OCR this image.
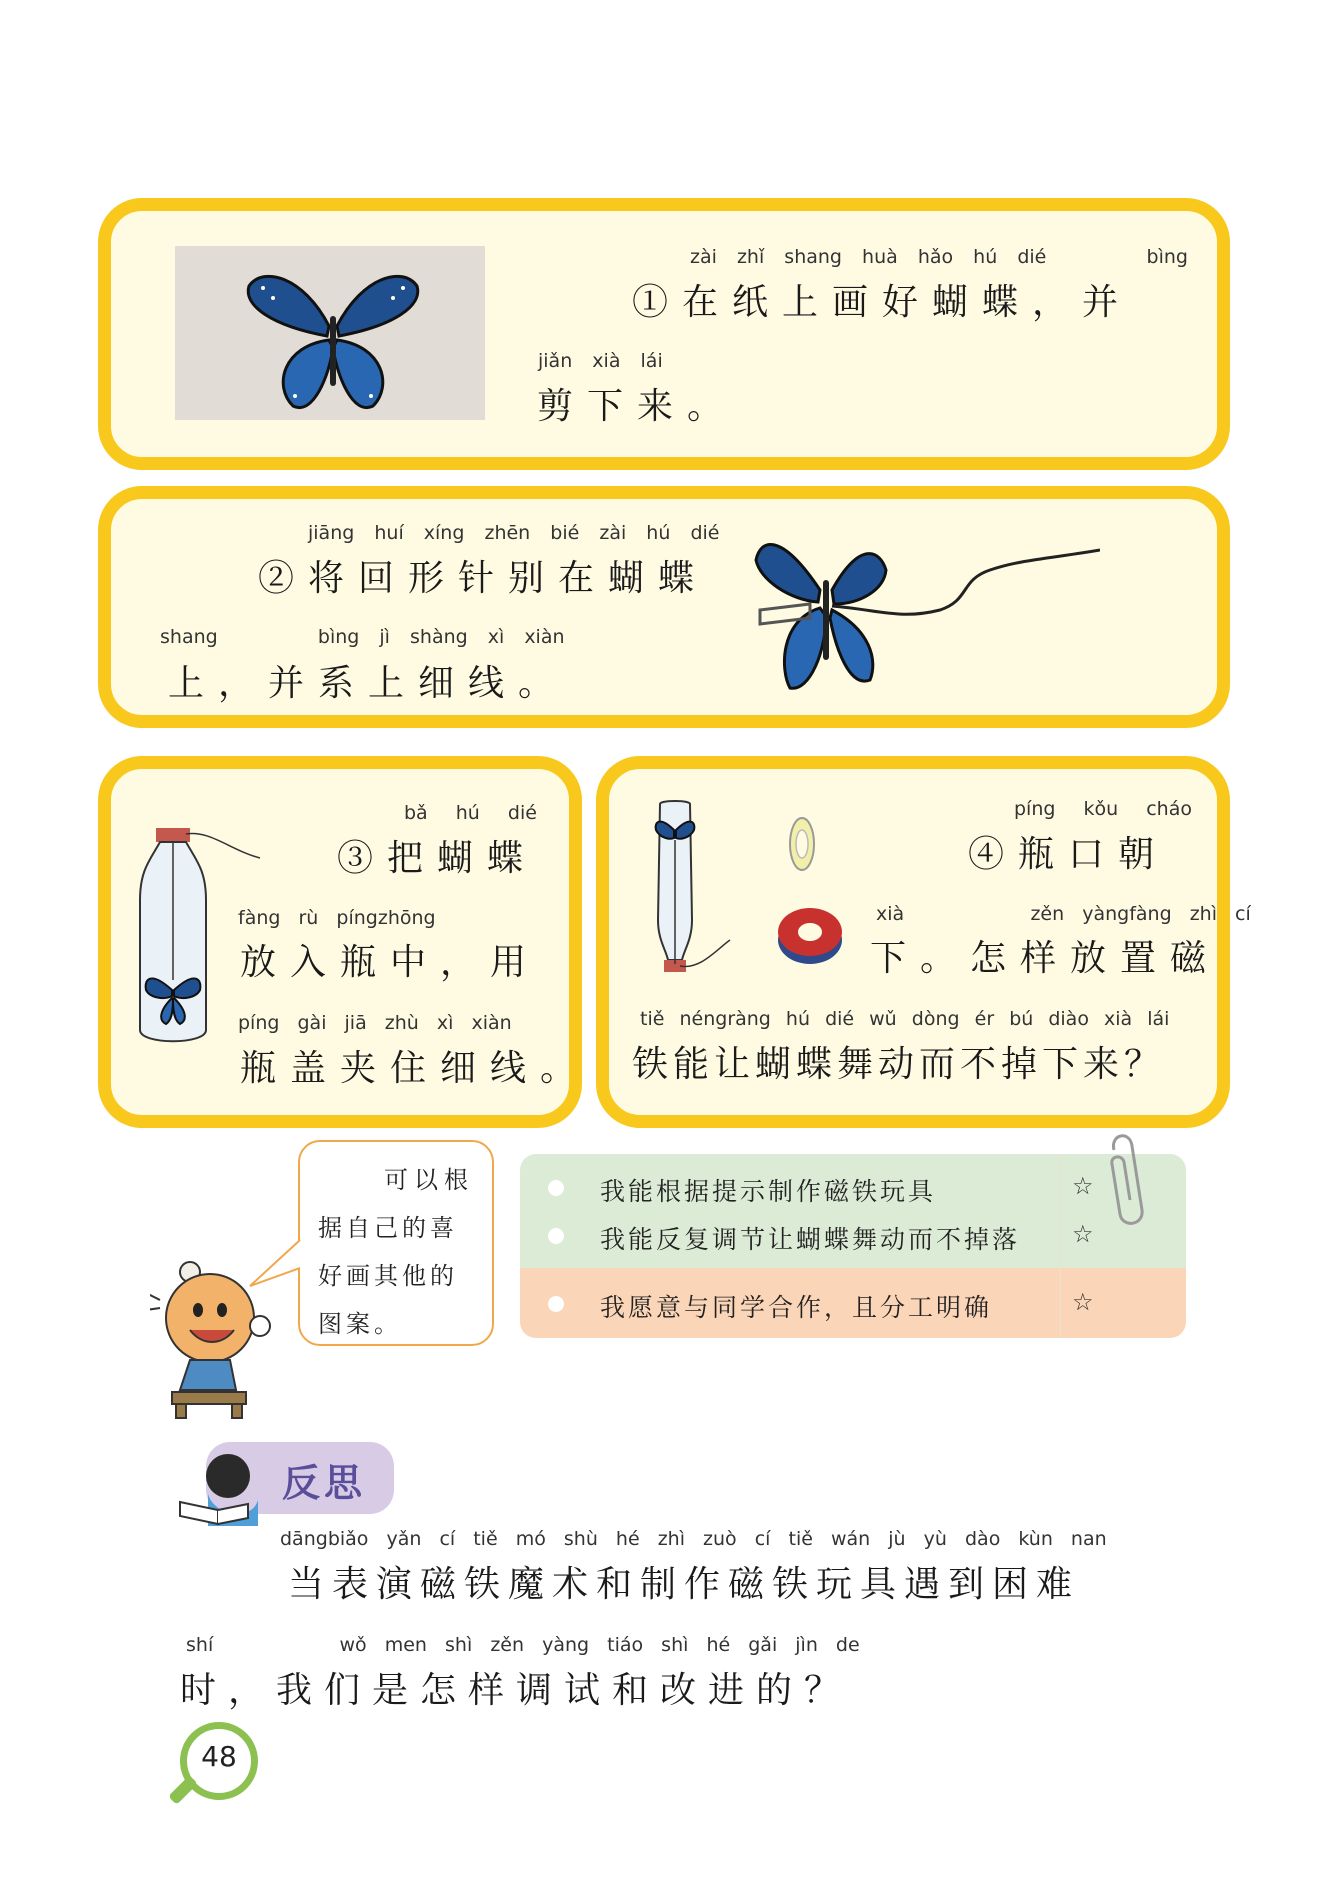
zài zhǐ shang huà hǎo hú dié	bìng
①在纸上画好蝴蝶，并
jiǎn xià lái
剪下来。
jiāng huí xíng zhēn bié zài hú dié
②将回形针别在蝴蝶
shang	bìng jì shàng xì xiàn
上，并系上细线。
bǎ hú dié
③把蝴蝶
fàng rù píngzhōng
放入瓶中，用
píng gài jiā zhù xì xiàn
瓶盖夹住细线。
píng kǒu cháo
④瓶口朝
xià	zěn yàngfàng zhì cí
下。怎样放置磁
tiě néngràng hú dié wǔ dòng ér bú diào xià lái
铁能让蝴蝶舞动而不掉下来？
可以根
据自己的喜
好画其他的
图案。
我能根据提示制作磁铁玩具	☆
我能反复调节让蝴蝶舞动而不掉落 ☆
我愿意与同学合作，且分工明确	☆
反思
dāngbiǎo yǎn cí tiě mó shù hé zhì zuò cí tiě wán jù yù dào kùn nan
当表演磁铁魔术和制作磁铁玩具遇到困难
shí	wǒ men shì zěn yàng tiáo shì hé gǎi jìn de
时，我们是怎样调试和改进的？
48
